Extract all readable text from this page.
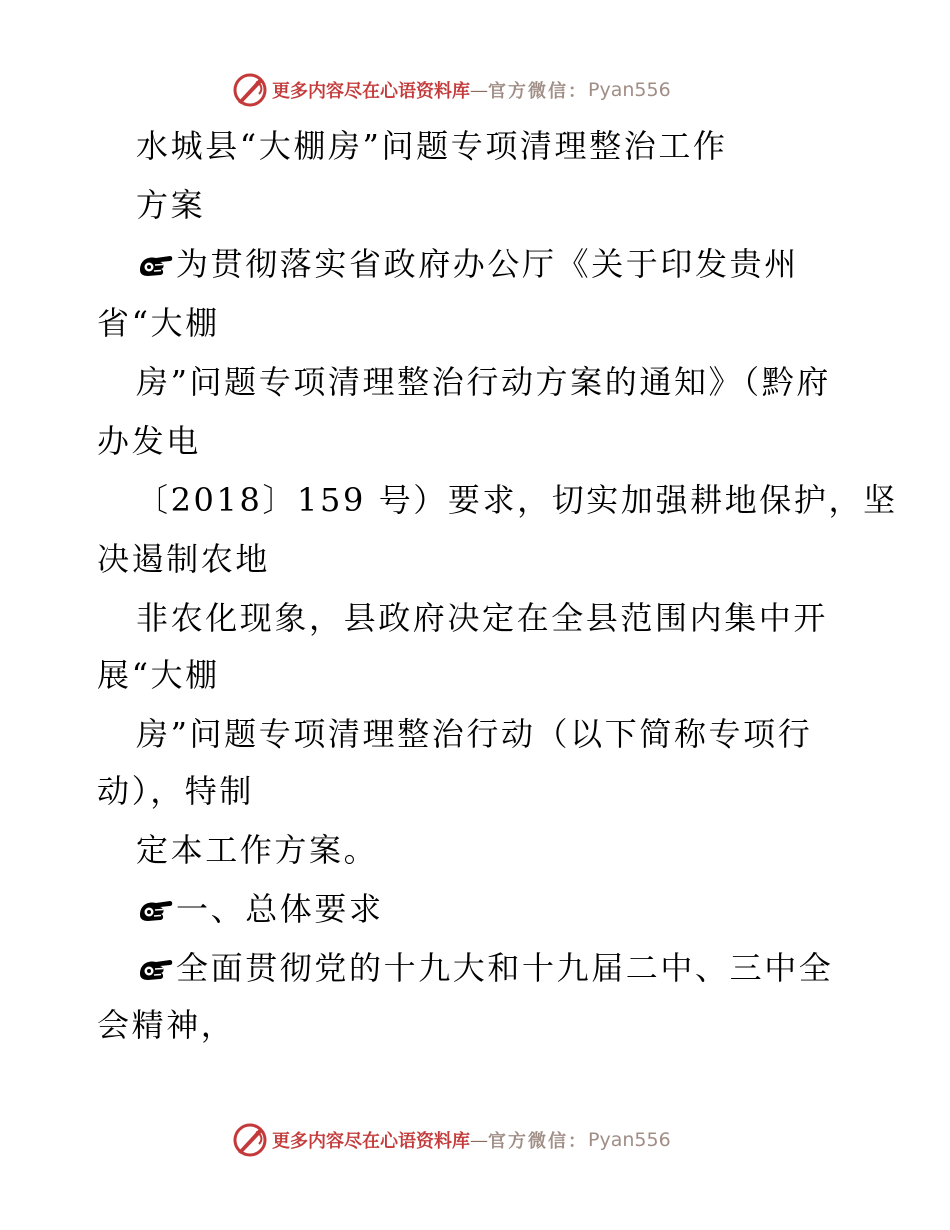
更多内容尽在心语资料库 — 官方微信： Pyan556
水城县“大棚房”问题专项清理整治工作
方案
为贯彻落实省政府办公厅《关于印发贵州
省“大棚
房”问题专项清理整治行动方案的通知》（黔府
办发电
〔2018〕159 号）要求，切实加强耕地保护，坚
决遏制农地
非农化现象，县政府决定在全县范围内集中开
展“大棚
房”问题专项清理整治行动（以下简称专项行
动），特制
定本工作方案。
一、总体要求
全面贯彻党的十九大和十九届二中、三中全
会精神，
更多内容尽在心语资料库 — 官方微信： Pyan556
